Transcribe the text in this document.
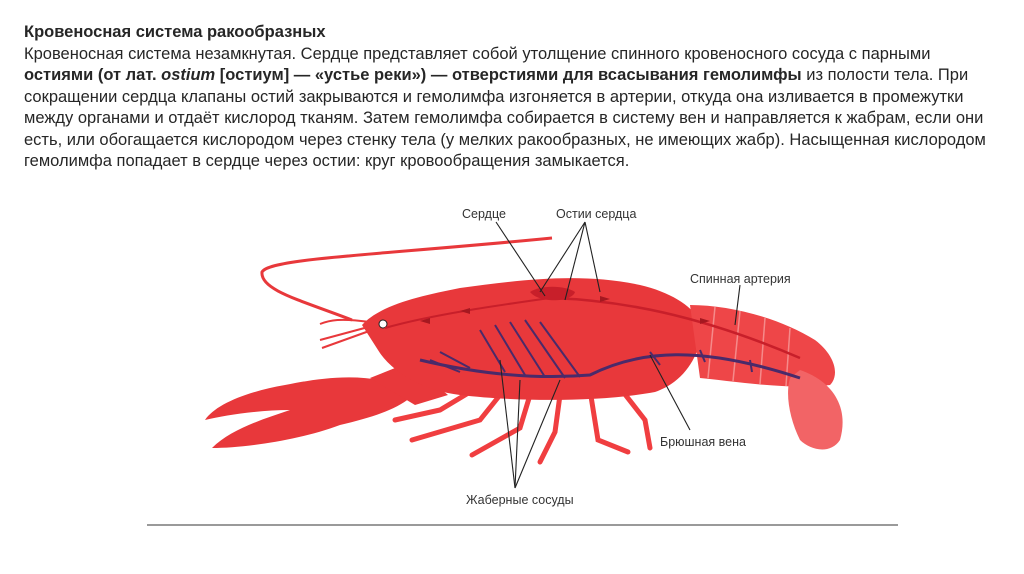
Кровеносная система ракообразных

Кровеносная система незамкнутая. Сердце представляет собой утолщение спинного кровеносного сосуда с парными остиями (от лат. ostium [остиум] — «устье реки») — отверстиями для всасывания гемолимфы из полости тела. При сокращении сердца клапаны остий закрываются и гемолимфа изгоняется в артерии, откуда она изливается в промежутки между органами и отдаёт кислород тканям. Затем гемолимфа собирается в систему вен и направляется к жабрам, если они есть, или обогащается кислородом через стенку тела (у мелких ракообразных, не имеющих жабр). Насыщенная кислородом гемолимфа попадает в сердце через остии: круг кровообращения замыкается.

Сердце	Остии сердца
Спинная артерия
Брюшная вена
Жаберные сосуды
